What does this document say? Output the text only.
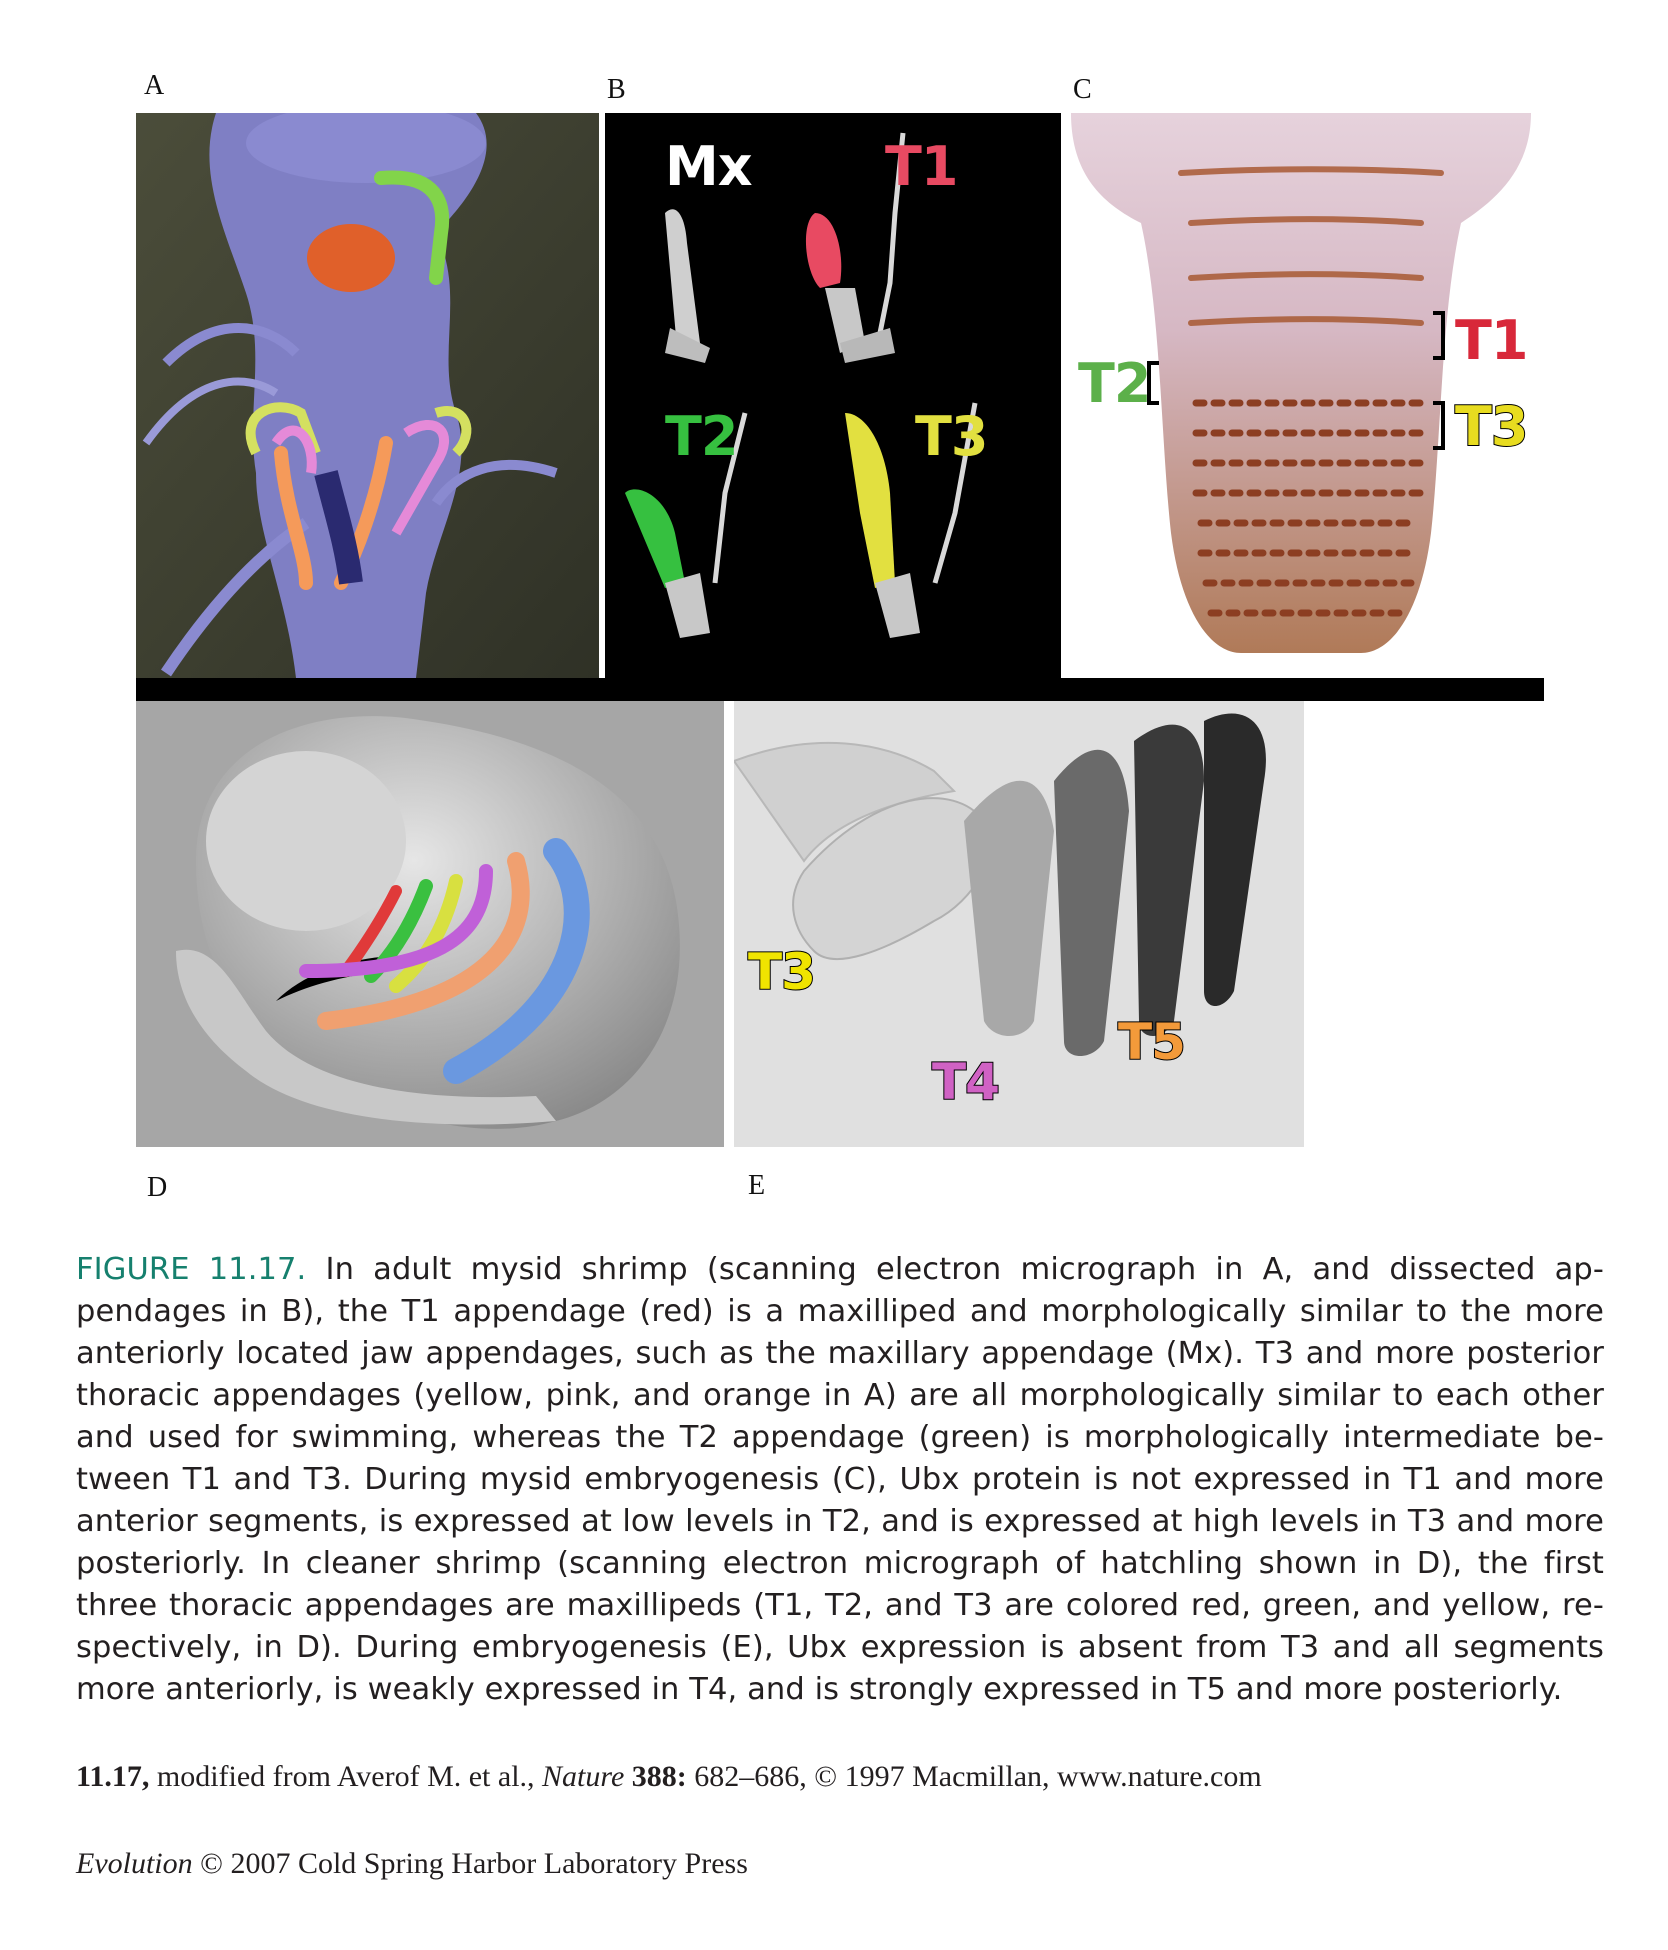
A	B	C
D	E
Mx T1
T2	T3
T1
T3
T2
T3
T4
T5
FIGURE 11.17. In adult mysid shrimp (scanning electron micrograph in A, and dissected ap-
pendages in B), the T1 appendage (red) is a maxilliped and morphologically similar to the more
anteriorly located jaw appendages, such as the maxillary appendage (Mx). T3 and more posterior
thoracic appendages (yellow, pink, and orange in A) are all morphologically similar to each other
and used for swimming, whereas the T2 appendage (green) is morphologically intermediate be-
tween T1 and T3. During mysid embryogenesis (C), Ubx protein is not expressed in T1 and more
anterior segments, is expressed at low levels in T2, and is expressed at high levels in T3 and more
posteriorly. In cleaner shrimp (scanning electron micrograph of hatchling shown in D), the first
three thoracic appendages are maxillipeds (T1, T2, and T3 are colored red, green, and yellow, re-
spectively, in D). During embryogenesis (E), Ubx expression is absent from T3 and all segments
more anteriorly, is weakly expressed in T4, and is strongly expressed in T5 and more posteriorly.
11.17, modified from Averof M. et al., Nature 388: 682–686, © 1997 Macmillan, www.nature.com
Evolution © 2007 Cold Spring Harbor Laboratory Press
